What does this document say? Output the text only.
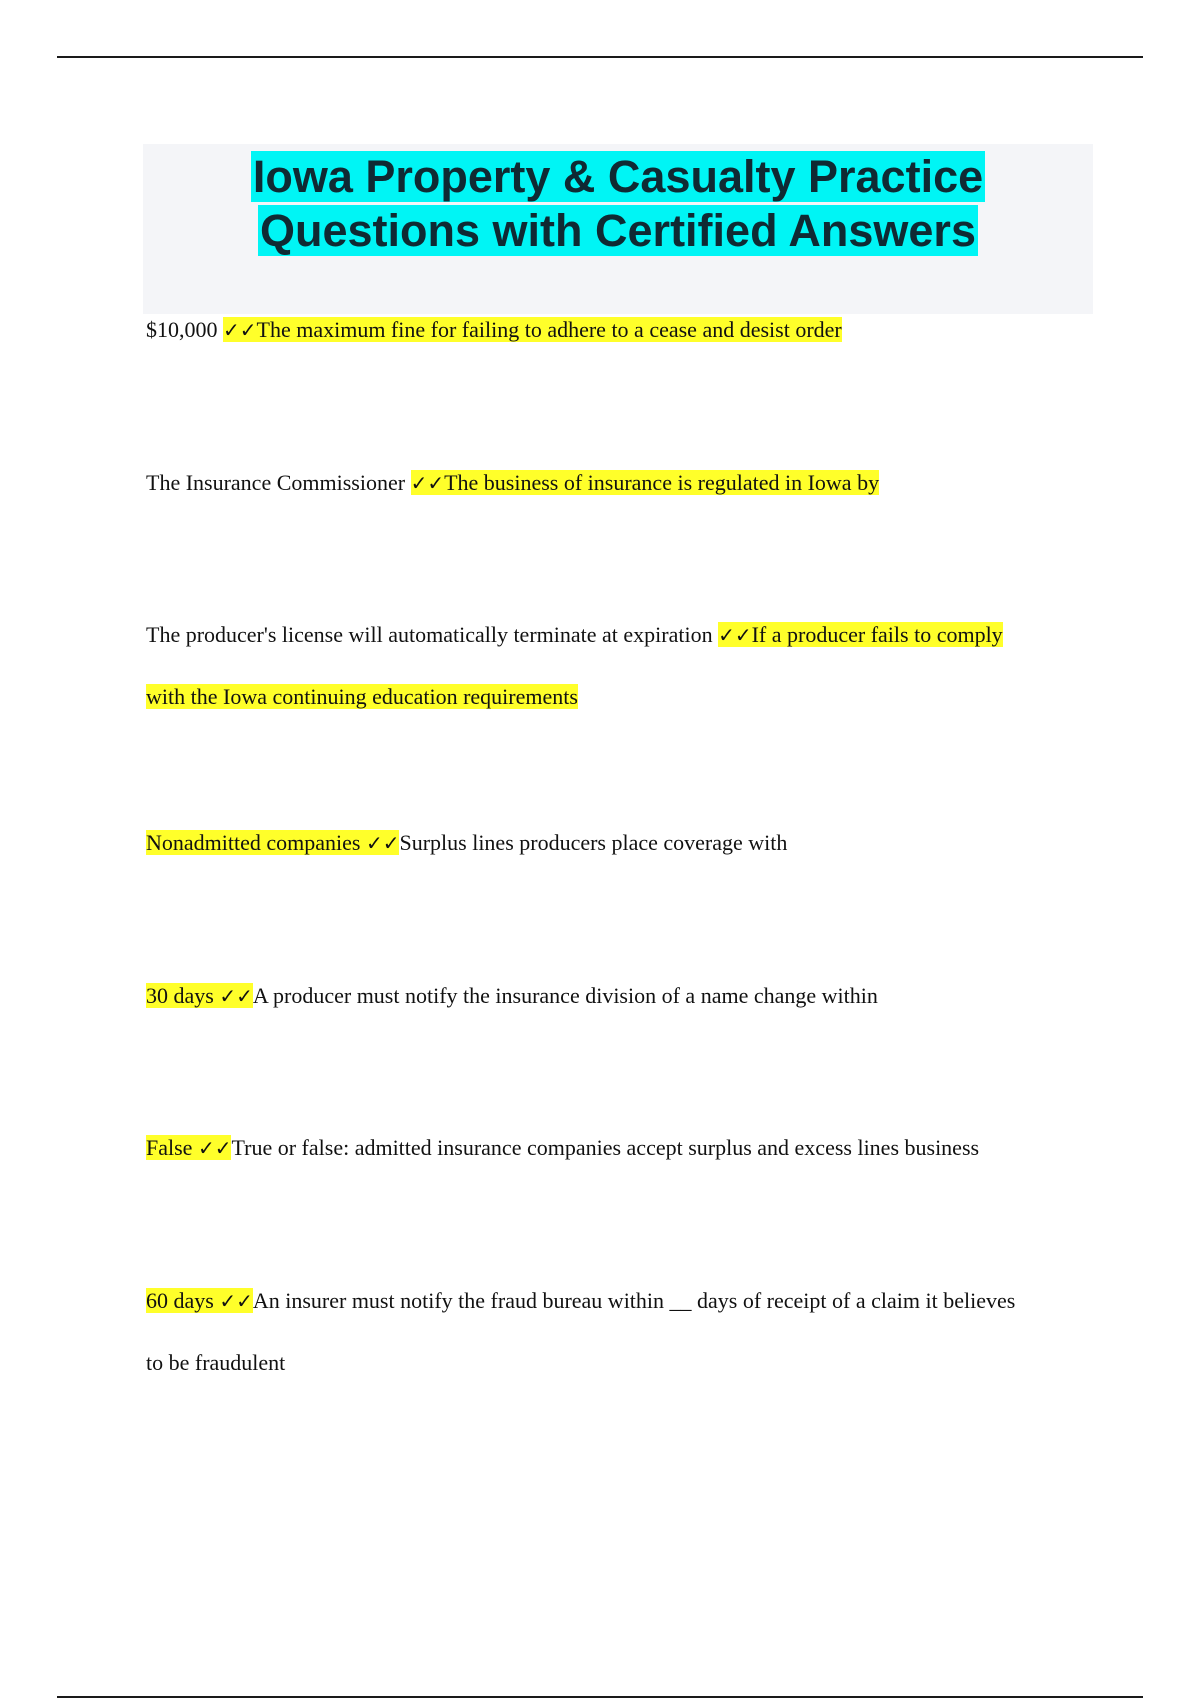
Iowa Property & Casualty Practice
Questions with Certified Answers
$10,000 ✓✓The maximum fine for failing to adhere to a cease and desist order
The Insurance Commissioner ✓✓The business of insurance is regulated in Iowa by
The producer's license will automatically terminate at expiration ✓✓If a producer fails to comply with the Iowa continuing education requirements
Nonadmitted companies ✓✓Surplus lines producers place coverage with
30 days ✓✓A producer must notify the insurance division of a name change within
False ✓✓True or false: admitted insurance companies accept surplus and excess lines business
60 days ✓✓An insurer must notify the fraud bureau within __ days of receipt of a claim it believes to be fraudulent
